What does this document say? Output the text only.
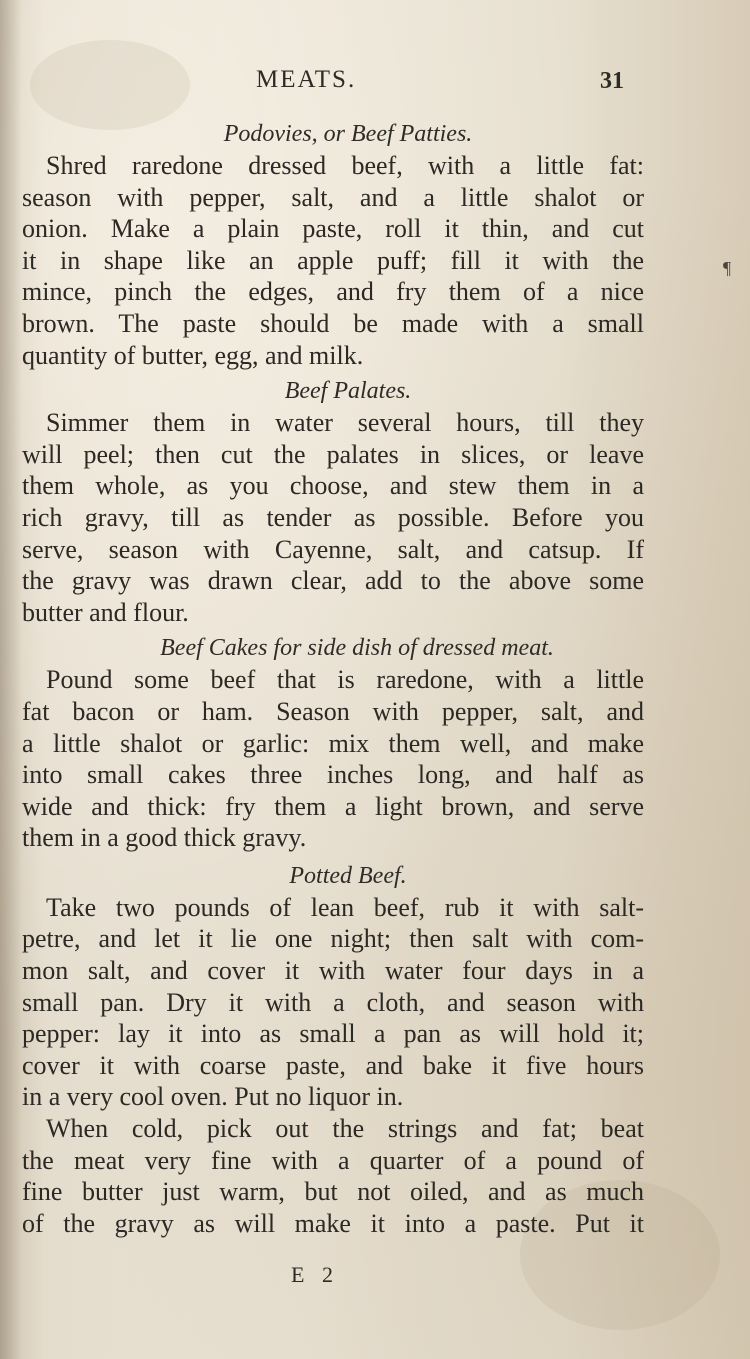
MEATS.	31
¶

Podovies, or Beef Patties.

Shred raredone dressed beef, with a little fat:
season with pepper, salt, and a little shalot or
onion. Make a plain paste, roll it thin, and cut
it in shape like an apple puff; fill it with the
mince, pinch the edges, and fry them of a nice
brown. The paste should be made with a small
quantity of butter, egg, and milk.

Beef Palates.

Simmer them in water several hours, till they
will peel; then cut the palates in slices, or leave
them whole, as you choose, and stew them in a
rich gravy, till as tender as possible. Before you
serve, season with Cayenne, salt, and catsup. If
the gravy was drawn clear, add to the above some
butter and flour.

Beef Cakes for side dish of dressed meat.

Pound some beef that is raredone, with a little
fat bacon or ham. Season with pepper, salt, and
a little shalot or garlic: mix them well, and make
into small cakes three inches long, and half as
wide and thick: fry them a light brown, and serve
them in a good thick gravy.

Potted Beef.

Take two pounds of lean beef, rub it with salt-
petre, and let it lie one night; then salt with com-
mon salt, and cover it with water four days in a
small pan. Dry it with a cloth, and season with
pepper: lay it into as small a pan as will hold it;
cover it with coarse paste, and bake it five hours
in a very cool oven. Put no liquor in.
When cold, pick out the strings and fat; beat
the meat very fine with a quarter of a pound of
fine butter just warm, but not oiled, and as much
of the gravy as will make it into a paste. Put it
E 2
